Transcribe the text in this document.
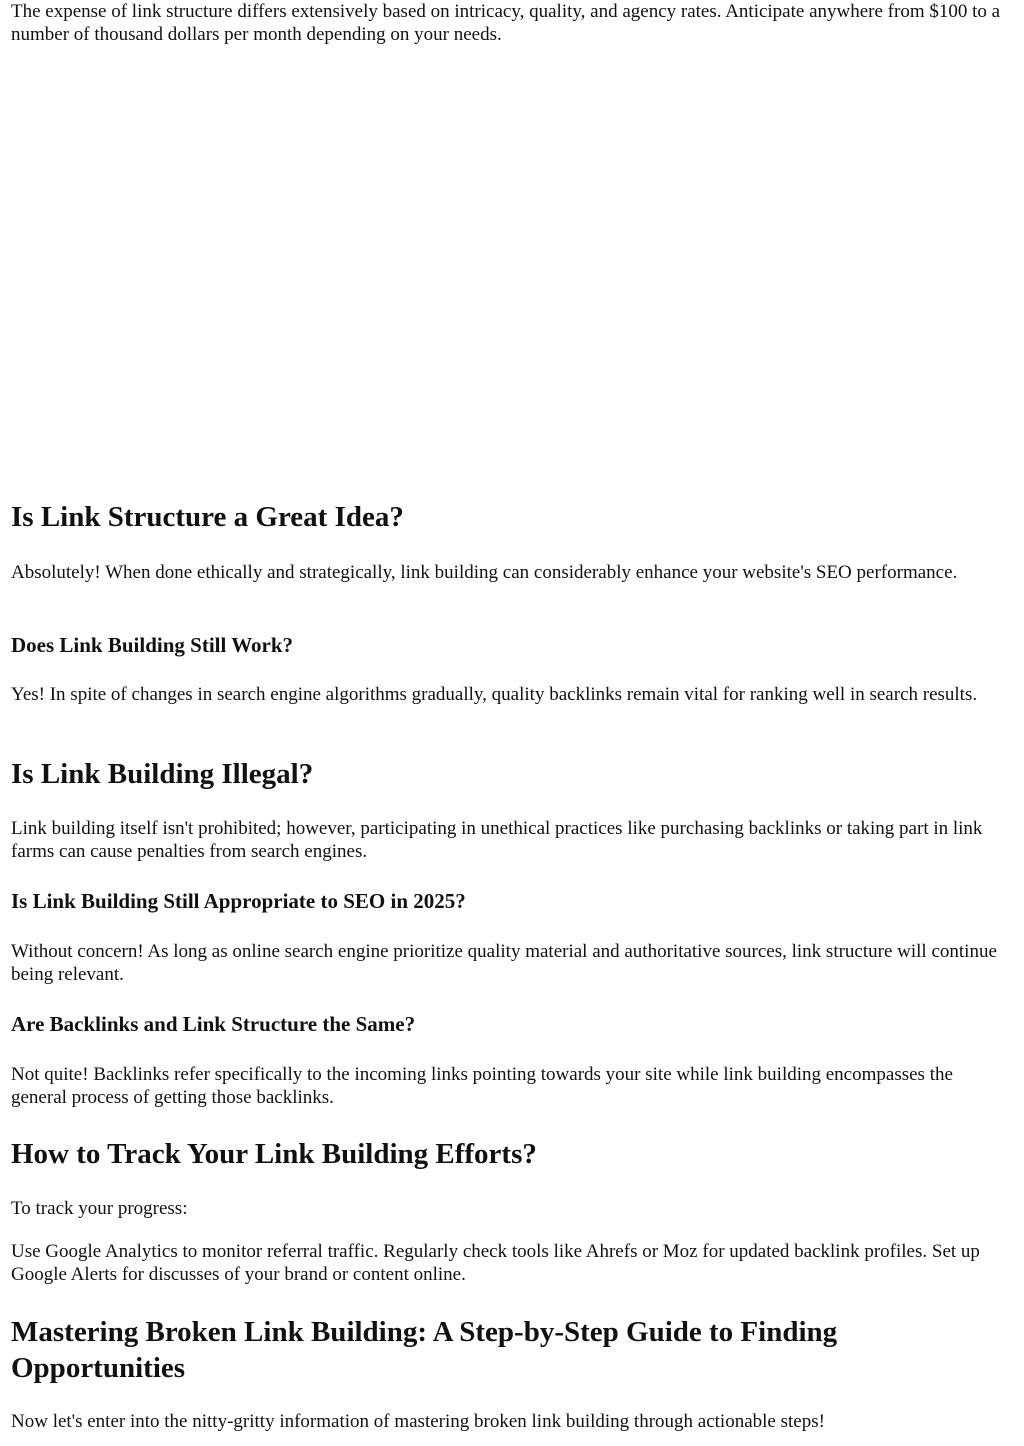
The expense of link structure differs extensively based on intricacy, quality, and agency rates. Anticipate anywhere from $100 to a number of thousand dollars per month depending on your needs.

Is Link Structure a Great Idea?

Absolutely! When done ethically and strategically, link building can considerably enhance your website's SEO performance.

Does Link Building Still Work?

Yes! In spite of changes in search engine algorithms gradually, quality backlinks remain vital for ranking well in search results.

Is Link Building Illegal?

Link building itself isn't prohibited; however, participating in unethical practices like purchasing backlinks or taking part in link farms can cause penalties from search engines.

Is Link Building Still Appropriate to SEO in 2025?

Without concern! As long as online search engine prioritize quality material and authoritative sources, link structure will continue being relevant.

Are Backlinks and Link Structure the Same?

Not quite! Backlinks refer specifically to the incoming links pointing towards your site while link building encompasses the general process of getting those backlinks.

How to Track Your Link Building Efforts?

To track your progress:

Use Google Analytics to monitor referral traffic. Regularly check tools like Ahrefs or Moz for updated backlink profiles. Set up Google Alerts for discusses of your brand or content online.

Mastering Broken Link Building: A Step-by-Step Guide to Finding Opportunities

Now let's enter into the nitty-gritty information of mastering broken link building through actionable steps!
